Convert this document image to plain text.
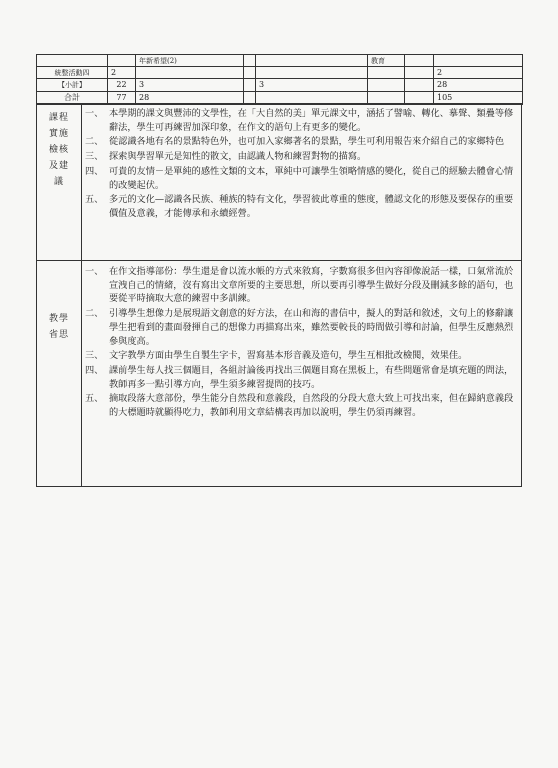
		年新希望(2)			教育		
統整活動四	2						2
【小計】	22	3		3			28
合計	77	28					105
課程
實施
檢核
及建
議
一、 本學期的課文與豐沛的文學性，在「大自然的美」單元課文中，涵括了譬喻、轉化、摹聲、類疊等修辭法，學生可再練習加深印象，在作文的語句上有更多的變化。
二、 從認識各地有名的景點特色外，也可加入家鄉著名的景點，學生可利用報告來介紹自己的家鄉特色
三、 探索與學習單元是知性的散文，由認識人物和練習對物的描寫。
四、 可貴的友情－是單純的感性文類的文本，單純中可讓學生領略情感的變化，從自己的經驗去體會心情的改變起伏。
五、 多元的文化—認識各民族、種族的特有文化，學習彼此尊重的態度，體認文化的形態及要保存的重要價值及意義，才能傳承和永續經營。
教學
省思
一、 在作文指導部份：學生還是會以流水帳的方式來敘寫，字數寫很多但內容卻像說話一樣，口氣常流於宣洩自己的情緒，沒有寫出文章所要的主要思想，所以要再引導學生做好分段及刪減多餘的語句，也要從平時摘取大意的練習中多訓練。
二、 引導學生想像力是展現語文創意的好方法，在山和海的書信中，擬人的對話和敘述，文句上的修辭讓學生把看到的畫面發揮自己的想像力再描寫出來，雖然要較長的時間做引導和討論，但學生反應熱烈參與度高。
三、 文字教學方面由學生自製生字卡，習寫基本形音義及造句，學生互相批改檢閱，效果佳。
四、 課前學生每人找三個題目，各組討論後再找出三個題目寫在黑板上，有些問題常會是填充題的問法，教師再多一點引導方向，學生須多練習提問的技巧。
五、 摘取段落大意部份，學生能分自然段和意義段，自然段的分段大意大致上可找出來，但在歸納意義段的大標題時就顯得吃力，教師利用文章結構表再加以說明，學生仍須再練習。
